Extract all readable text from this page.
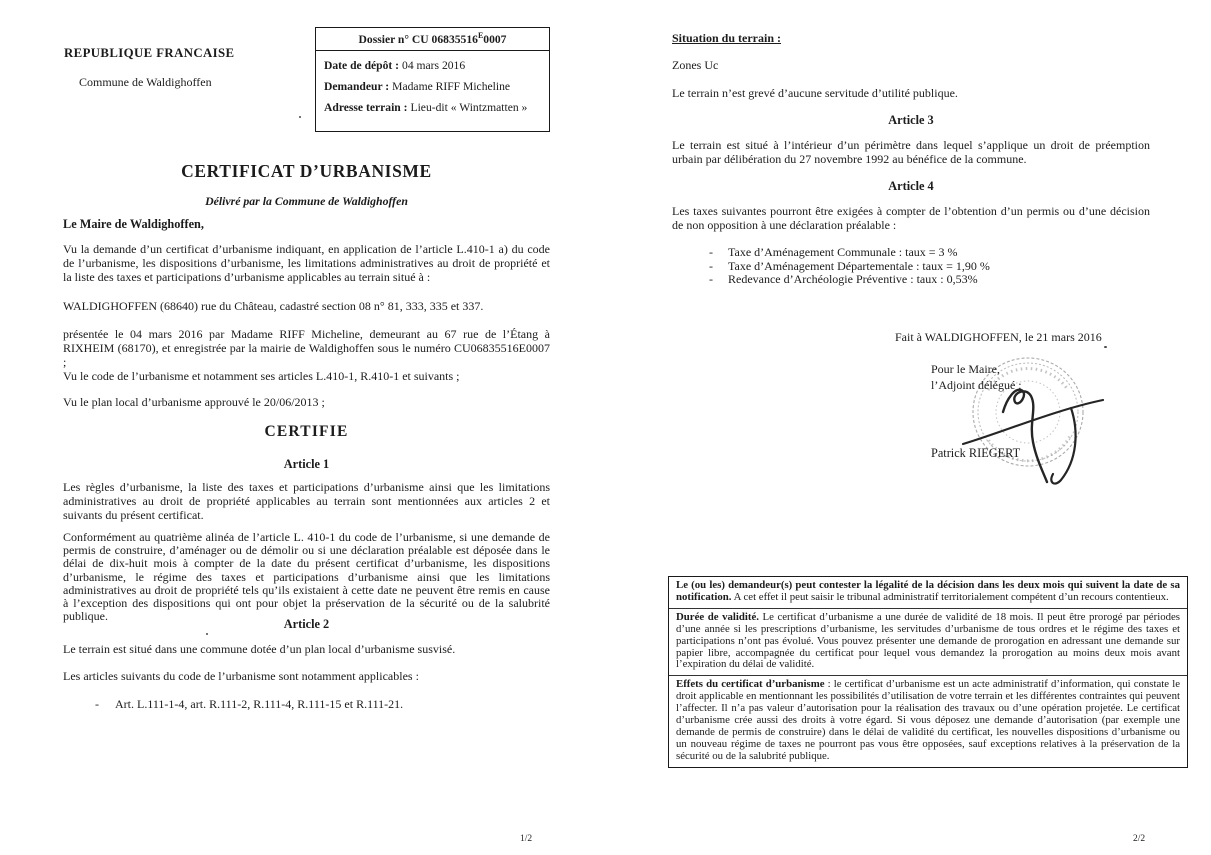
REPUBLIQUE FRANCAISE
Commune de Waldighoffen
Dossier n° CU $06835516^E0007$
Date de dépôt : 04 mars 2016
Demandeur : Madame RIFF Micheline
Adresse terrain : Lieu-dit « Wintzmatten »
CERTIFICAT D’URBANISME
Délivré par la Commune de Waldighoffen
Le Maire de Waldighoffen,

Vu la demande d’un certificat d’urbanisme indiquant, en application de l’article L.410-1 a) du code de l’urbanisme, les dispositions d’urbanisme, les limitations administratives au droit de propriété et la liste des taxes et participations d’urbanisme applicables au terrain situé à :

WALDIGHOFFEN (68640) rue du Château, cadastré section 08 n° 81, 333, 335 et 337.

présentée le 04 mars 2016 par Madame RIFF Micheline, demeurant au 67 rue de l’Étang à RIXHEIM (68170), et enregistrée par la mairie de Waldighoffen sous le numéro CU06835516E0007 ;

Vu le code de l’urbanisme et notamment ses articles L.410-1, R.410-1 et suivants ;

Vu le plan local d’urbanisme approuvé le 20/06/2013 ;

CERTIFIE
Article 1

Les règles d’urbanisme, la liste des taxes et participations d’urbanisme ainsi que les limitations administratives au droit de propriété applicables au terrain sont mentionnées aux articles 2 et suivants du présent certificat.

Conformément au quatrième alinéa de l’article L. 410-1 du code de l’urbanisme, si une demande de permis de construire, d’aménager ou de démolir ou si une déclaration préalable est déposée dans le délai de dix-huit mois à compter de la date du présent certificat d’urbanisme, les dispositions d’urbanisme, le régime des taxes et participations d’urbanisme ainsi que les limitations administratives au droit de propriété tels qu’ils existaient à cette date ne peuvent être remis en cause à l’exception des dispositions qui ont pour objet la préservation de la sécurité ou de la salubrité publique.

Article 2

Le terrain est situé dans une commune dotée d’un plan local d’urbanisme susvisé.

Les articles suivants du code de l’urbanisme sont notamment applicables :

-	Art. L.111-1-4, art. R.111-2, R.111-4, R.111-15 et R.111-21.
1/2
Situation du terrain :
Zones Uc
Le terrain n’est grevé d’aucune servitude d’utilité publique.
Article 3

Le terrain est situé à l’intérieur d’un périmètre dans lequel s’applique un droit de préemption urbain par délibération du 27 novembre 1992 au bénéfice de la commune.

Article 4

Les taxes suivantes pourront être exigées à compter de l’obtention d’un permis ou d’une décision de non opposition à une déclaration préalable :

-	Taxe d’Aménagement Communale : taux = 3 %
-	Taxe d’Aménagement Départementale : taux = 1,90 %
-	Redevance d’Archéologie Préventive : taux : 0,53%
Fait à WALDIGHOFFEN, le 21 mars 2016
Pour le Maire,
l’Adjoint délégué :
Patrick RIEGERT
Le (ou les) demandeur(s) peut contester la légalité de la décision dans les deux mois qui suivent la date de sa notification. A cet effet il peut saisir le tribunal administratif territorialement compétent d’un recours contentieux.
Durée de validité. Le certificat d’urbanisme a une durée de validité de 18 mois. Il peut être prorogé par périodes d’une année si les prescriptions d’urbanisme, les servitudes d’urbanisme de tous ordres et le régime des taxes et participations n’ont pas évolué. Vous pouvez présenter une demande de prorogation en adressant une demande sur papier libre, accompagnée du certificat pour lequel vous demandez la prorogation au moins deux mois avant l’expiration du délai de validité.
Effets du certificat d’urbanisme : le certificat d’urbanisme est un acte administratif d’information, qui constate le droit applicable en mentionnant les possibilités d’utilisation de votre terrain et les différentes contraintes qui peuvent l’affecter. Il n’a pas valeur d’autorisation pour la réalisation des travaux ou d’une opération projetée. Le certificat d’urbanisme crée aussi des droits à votre égard. Si vous déposez une demande d’autorisation (par exemple une demande de permis de construire) dans le délai de validité du certificat, les nouvelles dispositions d’urbanisme ou un nouveau régime de taxes ne pourront pas vous être opposées, sauf exceptions relatives à la préservation de la sécurité ou de la salubrité publique.
2/2
